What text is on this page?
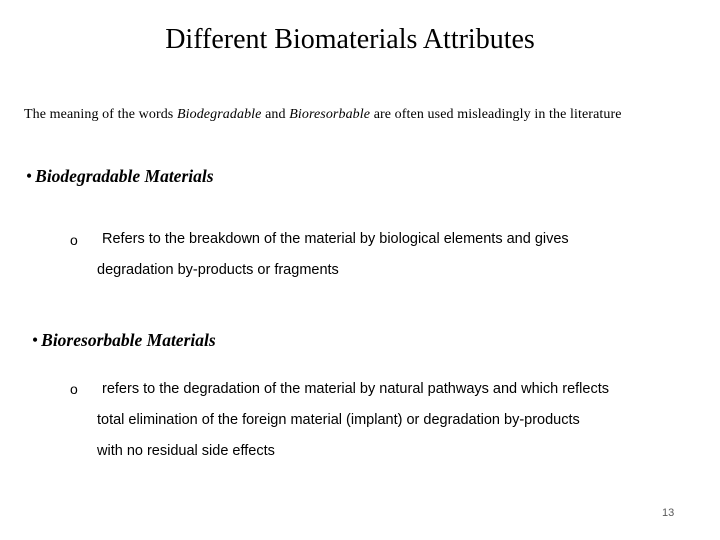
Different Biomaterials Attributes
The meaning of the words Biodegradable and Bioresorbable are often used misleadingly in the literature
• Biodegradable Materials
o	Refers to the breakdown of the material by biological elements and gives
degradation by-products or fragments
• Bioresorbable Materials
o	refers to the degradation of the material by natural pathways and which reflects
total elimination of the foreign material (implant) or degradation by-products
with no residual side effects
13
